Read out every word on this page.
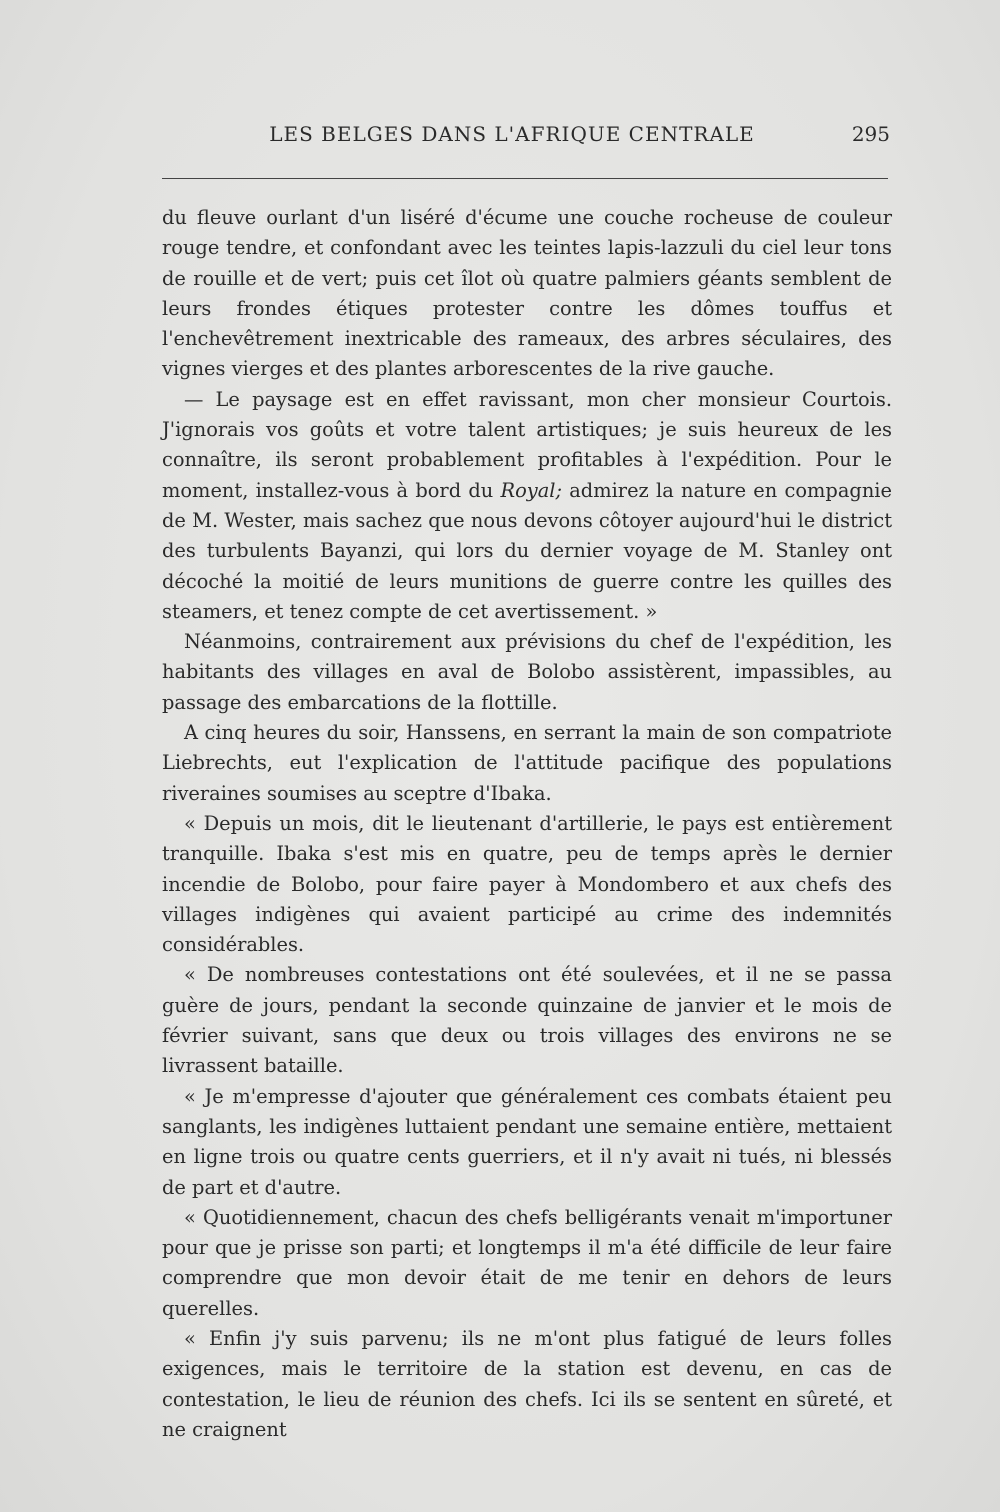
LES BELGES DANS L'AFRIQUE CENTRALE	295

du fleuve ourlant d'un liséré d'écume une couche rocheuse de couleur rouge tendre, et confondant avec les teintes lapis-lazzuli du ciel leur tons de rouille et de vert; puis cet îlot où quatre palmiers géants semblent de leurs frondes étiques protester contre les dômes touffus et l'enchevêtrement inextricable des rameaux, des arbres séculaires, des vignes vierges et des plantes arborescentes de la rive gauche.

— Le paysage est en effet ravissant, mon cher monsieur Courtois. J'ignorais vos goûts et votre talent artistiques; je suis heureux de les connaître, ils seront probablement profitables à l'expédition. Pour le moment, installez-vous à bord du Royal; admirez la nature en compagnie de M. Wester, mais sachez que nous devons côtoyer aujourd'hui le district des turbulents Bayanzi, qui lors du dernier voyage de M. Stanley ont décoché la moitié de leurs munitions de guerre contre les quilles des steamers, et tenez compte de cet avertissement. »

Néanmoins, contrairement aux prévisions du chef de l'expédition, les habitants des villages en aval de Bolobo assistèrent, impassibles, au passage des embarcations de la flottille.

A cinq heures du soir, Hanssens, en serrant la main de son compatriote Liebrechts, eut l'explication de l'attitude pacifique des populations riveraines soumises au sceptre d'Ibaka.

« Depuis un mois, dit le lieutenant d'artillerie, le pays est entièrement tranquille. Ibaka s'est mis en quatre, peu de temps après le dernier incendie de Bolobo, pour faire payer à Mondombero et aux chefs des villages indigènes qui avaient participé au crime des indemnités considérables.

« De nombreuses contestations ont été soulevées, et il ne se passa guère de jours, pendant la seconde quinzaine de janvier et le mois de février suivant, sans que deux ou trois villages des environs ne se livrassent bataille.

« Je m'empresse d'ajouter que généralement ces combats étaient peu sanglants, les indigènes luttaient pendant une semaine entière, mettaient en ligne trois ou quatre cents guerriers, et il n'y avait ni tués, ni blessés de part et d'autre.

« Quotidiennement, chacun des chefs belligérants venait m'importuner pour que je prisse son parti; et longtemps il m'a été difficile de leur faire comprendre que mon devoir était de me tenir en dehors de leurs querelles.

« Enfin j'y suis parvenu; ils ne m'ont plus fatigué de leurs folles exigences, mais le territoire de la station est devenu, en cas de contestation, le lieu de réunion des chefs. Ici ils se sentent en sûreté, et ne craignent
